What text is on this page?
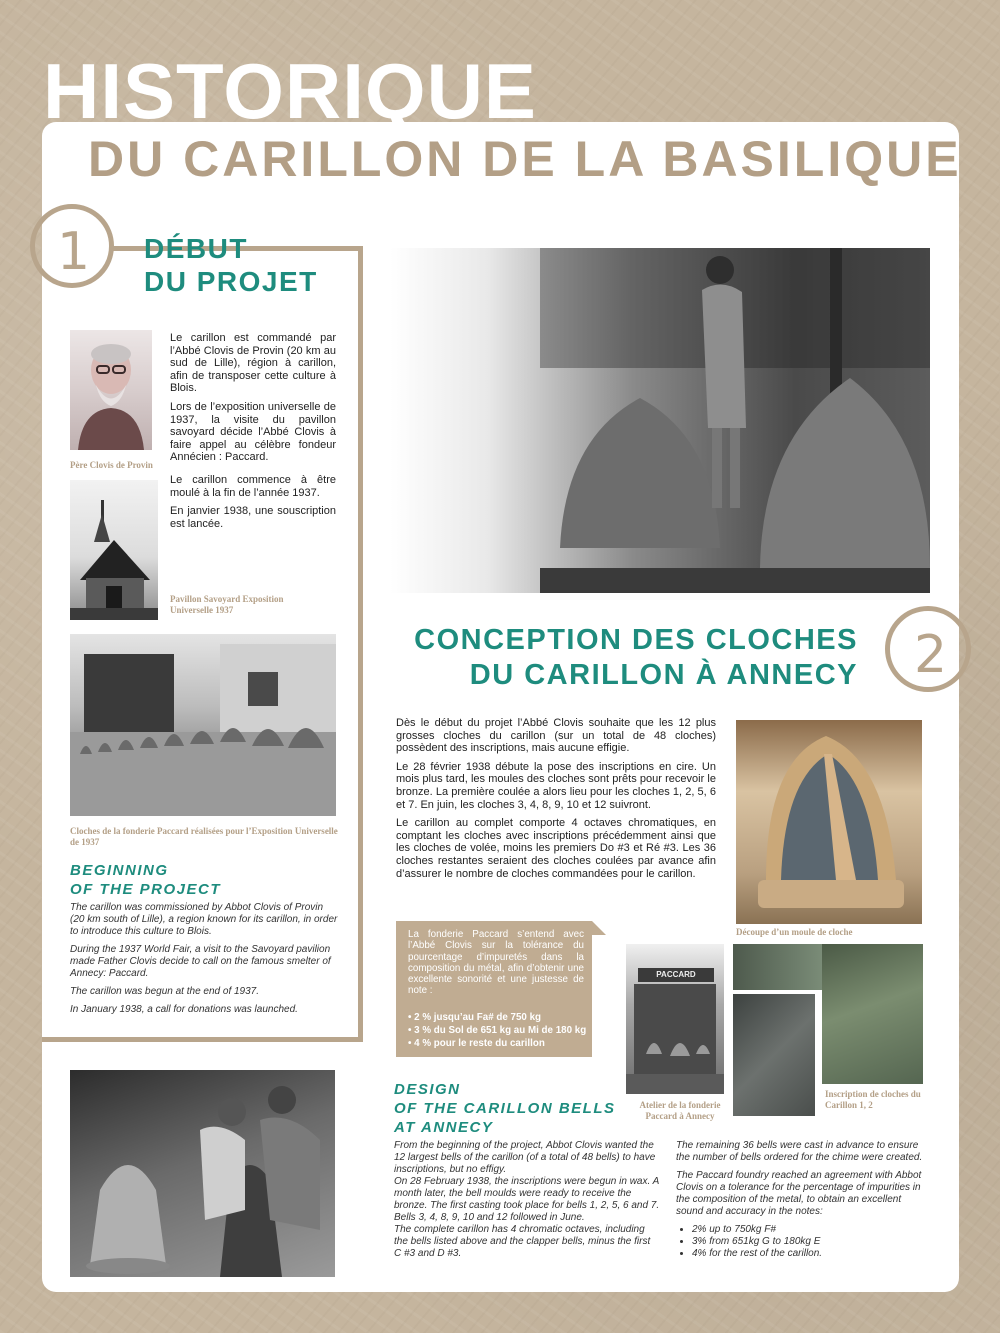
HISTORIQUE
DU CARILLON DE LA BASILIQUE
1 DÉBUT
DU PROJET

Père Clovis de Provin

Le carillon est commandé par l’Abbé Clovis de Provin (20 km au sud de Lille), région à carillon, afin de transposer cette culture à Blois.

Lors de l’exposition universelle de 1937, la visite du pavillon savoyard décide l’Abbé Clovis à faire appel au célèbre fondeur Annécien : Paccard.

Le carillon commence à être moulé à la fin de l’année 1937.

En janvier 1938, une souscription est lancée.

Pavillon Savoyard Exposition Universelle 1937

Cloches de la fonderie Paccard réalisées pour l’Exposition Universelle de 1937

BEGINNING
OF THE PROJECT

The carillon was commissioned by Abbot Clovis of Provin (20 km south of Lille), a region known for its carillon, in order to introduce this culture to Blois.

During the 1937 World Fair, a visit to the Savoyard pavilion made Father Clovis decide to call on the famous smelter of Annecy: Paccard.

The carillon was begun at the end of 1937.

In January 1938, a call for donations was launched.

2
CONCEPTION DES CLOCHES
DU CARILLON À ANNECY

Dès le début du projet l’Abbé Clovis souhaite que les 12 plus grosses cloches du carillon (sur un total de 48 cloches) possèdent des inscriptions, mais aucune effigie.

Le 28 février 1938 débute la pose des inscriptions en cire. Un mois plus tard, les moules des cloches sont prêts pour recevoir le bronze. La première coulée a alors lieu pour les cloches 1, 2, 5, 6 et 7. En juin, les cloches 3, 4, 8, 9, 10 et 12 suivront.

Le carillon au complet comporte 4 octaves chromatiques, en comptant les cloches avec inscriptions précédemment ainsi que les cloches de volée, moins les premiers Do #3 et Ré #3. Les 36 cloches restantes seraient des cloches coulées par avance afin d’assurer le nombre de cloches commandées pour le carillon.

La fonderie Paccard s’entend avec l’Abbé Clovis sur la tolérance du pourcentage d’impuretés dans la composition du métal, afin d’obtenir une excellente sonorité et une justesse de note :

• 2 % jusqu’au Fa# de 750 kg
• 3 % du Sol de 651 kg au Mi de 180 kg
• 4 % pour le reste du carillon

Découpe d’un moule de cloche

PACCARD

Atelier de la fonderie Paccard à Annecy

Inscription de cloches du Carillon 1, 2

DESIGN
OF THE CARILLON BELLS
AT ANNECY

From the beginning of the project, Abbot Clovis wanted the 12 largest bells of the carillon (of a total of 48 bells) to have inscriptions, but no effigy.

On 28 February 1938, the inscriptions were begun in wax. A month later, the bell moulds were ready to receive the bronze. The first casting took place for bells 1, 2, 5, 6 and 7. Bells 3, 4, 8, 9, 10 and 12 followed in June.

The complete carillon has 4 chromatic octaves, including the bells listed above and the clapper bells, minus the first C #3 and D #3.

The remaining 36 bells were cast in advance to ensure the number of bells ordered for the chime were created.

The Paccard foundry reached an agreement with Abbot Clovis on a tolerance for the percentage of impurities in the composition of the metal, to obtain an excellent sound and accuracy in the notes:

• 2% up to 750kg F#
• 3% from 651kg G to 180kg E
• 4% for the rest of the carillon.
